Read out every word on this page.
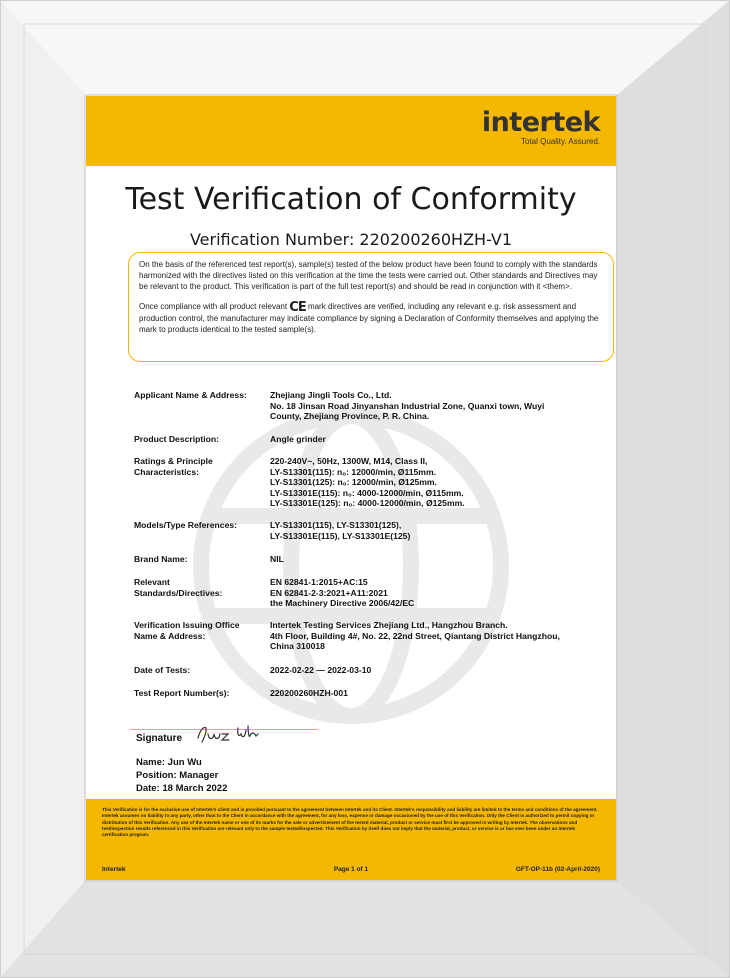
intertek
Total Quality. Assured.
Test Verification of Conformity
Verification Number: 220200260HZH-V1

On the basis of the referenced test report(s), sample(s) tested of the below product have been found to comply with the standards harmonized with the directives listed on this verification at the time the tests were carried out. Other standards and Directives may be relevant to the product. This verification is part of the full test report(s) and should be read in conjunction with it <them>.

Once compliance with all product relevant CE mark directives are verified, including any relevant e.g. risk assessment and production control, the manufacturer may indicate compliance by signing a Declaration of Conformity themselves and applying the mark to products identical to the tested sample(s).

Applicant Name & Address:	Zhejiang Jingli Tools Co., Ltd.
No. 18 Jinsan Road Jinyanshan Industrial Zone, Quanxi town, Wuyi
County, Zhejiang Province, P. R. China.
Product Description:	Angle grinder
Ratings & Principle
Characteristics:
220-240V~, 50Hz, 1300W, M14, Class II,
LY-S13301(115): n₀: 12000/min, Ø115mm.
LY-S13301(125): n₀: 12000/min, Ø125mm.
LY-S13301E(115): n₀: 4000-12000/min, Ø115mm.
LY-S13301E(125): n₀: 4000-12000/min, Ø125mm.
Models/Type References:	LY-S13301(115), LY-S13301(125),
LY-S13301E(115), LY-S13301E(125)
Brand Name:	NIL
Relevant
Standards/Directives:
EN 62841-1:2015+AC:15
EN 62841-2-3:2021+A11:2021
the Machinery Directive 2006/42/EC
Verification Issuing Office
Name & Address:
Intertek Testing Services Zhejiang Ltd., Hangzhou Branch.
4th Floor, Building 4#, No. 22, 22nd Street, Qiantang District Hangzhou,
China 310018
Date of Tests:	2022-02-22 — 2022-03-10
Test Report Number(s):	220200260HZH-001
Signature
Name: Jun Wu
Position: Manager
Date: 18 March 2022
This Verification is for the exclusive use of Intertek's client and is provided pursuant to the agreement between Intertek and its Client. Intertek's responsibility and liability are limited to the terms and conditions of the agreement. Intertek assumes no liability to any party, other than to the Client in accordance with the agreement, for any loss, expense or damage occasioned by the use of this Verification. Only the Client is authorized to permit copying or distribution of this Verification. Any use of the Intertek name or one of its marks for the sale or advertisement of the tested material, product or service must first be approved in writing by Intertek. The observations and test/inspection results referenced in this Verification are relevant only to the sample tested/inspected. This Verification by itself does not imply that the material, product, or service is or has ever been under an Intertek certification program.
Intertek	Page 1 of 1	GFT-OP-11b (02-April-2020)
